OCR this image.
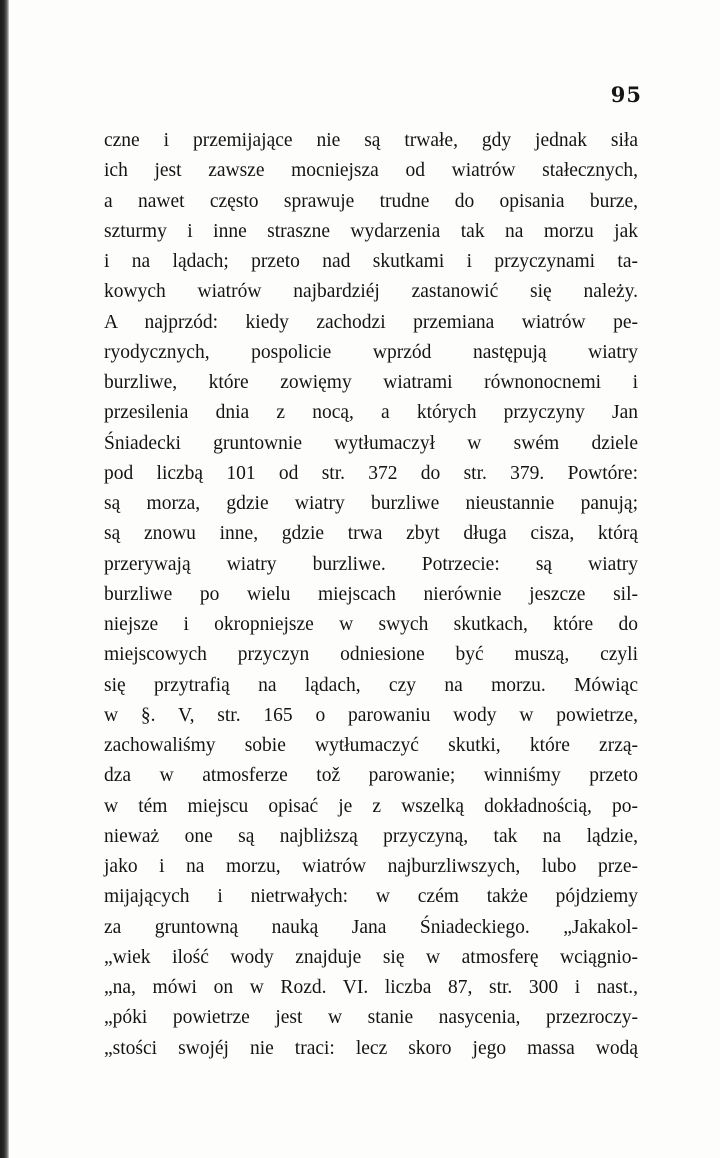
95
czne i przemijające nie są trwałe, gdy jednak siła
ich jest zawsze mocniejsza od wiatrów stałecznych,
a nawet często sprawuje trudne do opisania burze,
szturmy i inne straszne wydarzenia tak na morzu jak
i na lądach; przeto nad skutkami i przyczynami ta-
kowych wiatrów najbardziéj zastanowić się należy.
A najprzód: kiedy zachodzi przemiana wiatrów pe-
ryodycznych, pospolicie wprzód następują wiatry
burzliwe, które zowięmy wiatrami równonocnemi i
przesilenia dnia z nocą, a których przyczyny Jan
Śniadecki gruntownie wytłumaczył w swém dziele
pod liczbą 101 od str. 372 do str. 379. Powtóre:
są morza, gdzie wiatry burzliwe nieustannie panują;
są znowu inne, gdzie trwa zbyt długa cisza, którą
przerywają wiatry burzliwe. Potrzecie: są wiatry
burzliwe po wielu miejscach nierównie jeszcze sil-
niejsze i okropniejsze w swych skutkach, które do
miejscowych przyczyn odniesione być muszą, czyli
się przytrafią na lądach, czy na morzu. Mówiąc
w §. V, str. 165 o parowaniu wody w powietrze,
zachowaliśmy sobie wytłumaczyć skutki, które zrzą-
dza w atmosferze tož parowanie; winniśmy przeto
w tém miejscu opisać je z wszelką dokładnością, po-
nieważ one są najbliższą przyczyną, tak na lądzie,
jako i na morzu, wiatrów najburzliwszych, lubo prze-
mijających i nietrwałych: w czém także pójdziemy
za gruntowną nauką Jana Śniadeckiego. „Jakakol-
„wiek ilość wody znajduje się w atmosferę wciągnio-
„na, mówi on w Rozd. VI. liczba 87, str. 300 i nast.,
„póki powietrze jest w stanie nasycenia, przezroczy-
„stości swojéj nie traci: lecz skoro jego massa wodą
